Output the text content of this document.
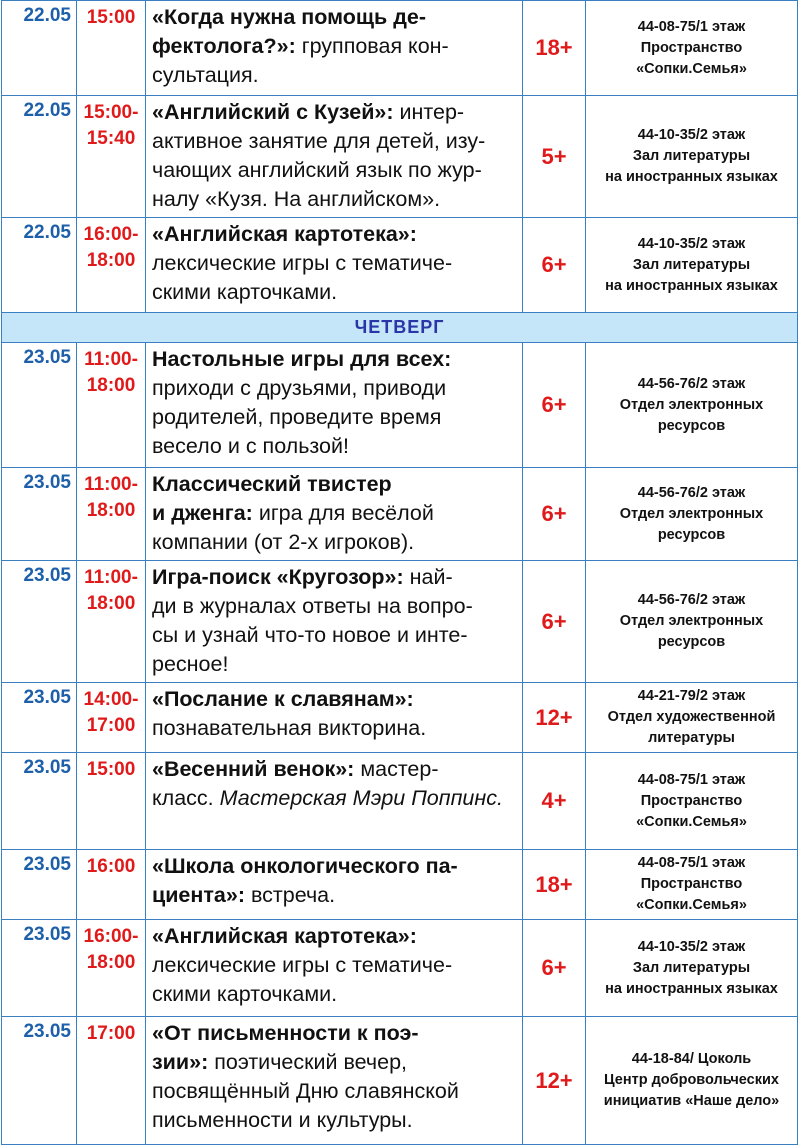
22.05	15:00	«Когда нужна помощь де-
фектолога?»: групповая кон-
сультация.	18+	44-08-75/1 этаж
Пространство
«Сопки.Семья»

22.05	15:00-
15:40	«Английский с Кузей»: интер-
активное занятие для детей, изу-
чающих английский язык по жур-
налу «Кузя. На английском».	5+	44-10-35/2 этаж
Зал литературы
на иностранных языках

22.05	16:00-
18:00	«Английская картотека»:
лексические игры с тематиче-
скими карточками.	6+	44-10-35/2 этаж
Зал литературы
на иностранных языках

ЧЕТВЕРГ				
23.05	11:00-
18:00	Настольные игры для всех:
приходи с друзьями, приводи
родителей, проведите время
весело и с пользой!	6+	44-56-76/2 этаж
Отдел электронных
ресурсов

23.05	11:00-
18:00	Классический твистер
и дженга: игра для весёлой
компании (от 2-х игроков).	6+	44-56-76/2 этаж
Отдел электронных
ресурсов

23.05	11:00-
18:00	Игра-поиск «Кругозор»: най-
ди в журналах ответы на вопро-
сы и узнай что-то новое и инте-
ресное!	6+	44-56-76/2 этаж
Отдел электронных
ресурсов

23.05	14:00-
17:00	«Послание к славянам»:
познавательная викторина.	12+	44-21-79/2 этаж
Отдел художественной
литературы

23.05	15:00	«Весенний венок»: мастер-
класс. Мастерская Мэри Поппинс.	4+	44-08-75/1 этаж
Пространство
«Сопки.Семья»

23.05	16:00	«Школа онкологического па-
циента»: встреча.	18+	44-08-75/1 этаж
Пространство
«Сопки.Семья»

23.05	16:00-
18:00	«Английская картотека»:
лексические игры с тематиче-
скими карточками.	6+	44-10-35/2 этаж
Зал литературы
на иностранных языках

23.05	17:00	«От письменности к поэ-
зии»: поэтический вечер,
посвящённый Дню славянской
письменности и культуры.	12+	44-18-84/ Цоколь
Центр добровольческих
инициатив «Наше дело»
